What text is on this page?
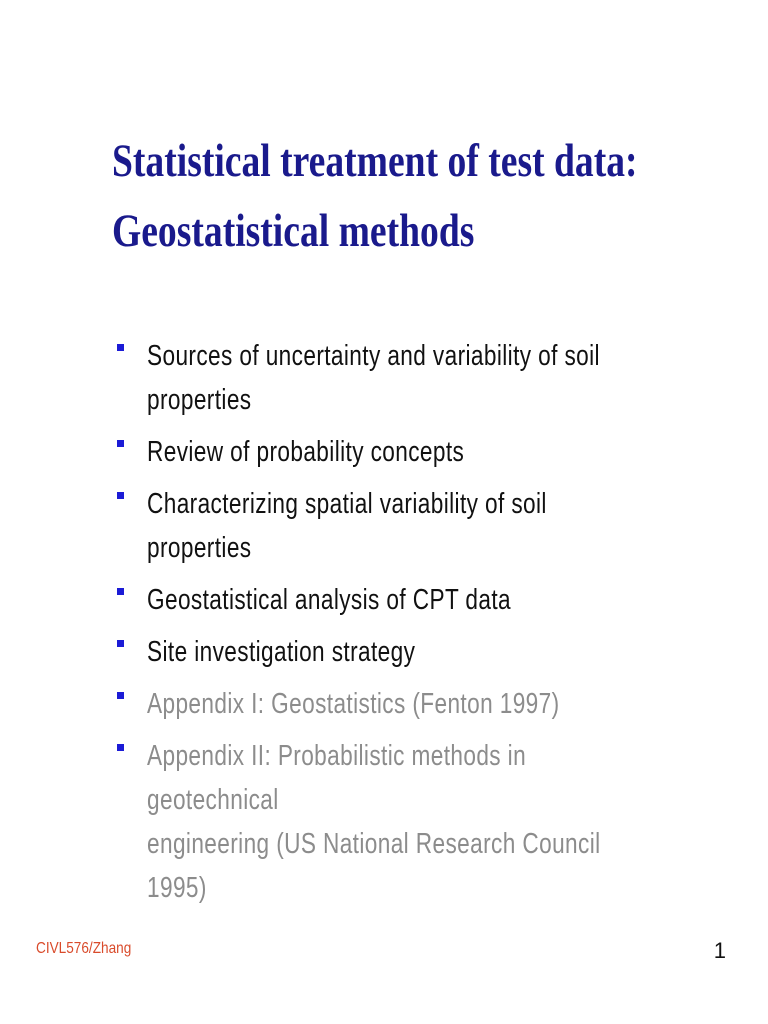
Statistical treatment of test data:
Geostatistical methods
Sources of uncertainty and variability of soil
properties
Review of probability concepts
Characterizing spatial variability of soil properties
Geostatistical analysis of CPT data
Site investigation strategy
Appendix I: Geostatistics (Fenton 1997)
Appendix II: Probabilistic methods in geotechnical
engineering (US National Research Council 1995)
CIVL576/Zhang	1
